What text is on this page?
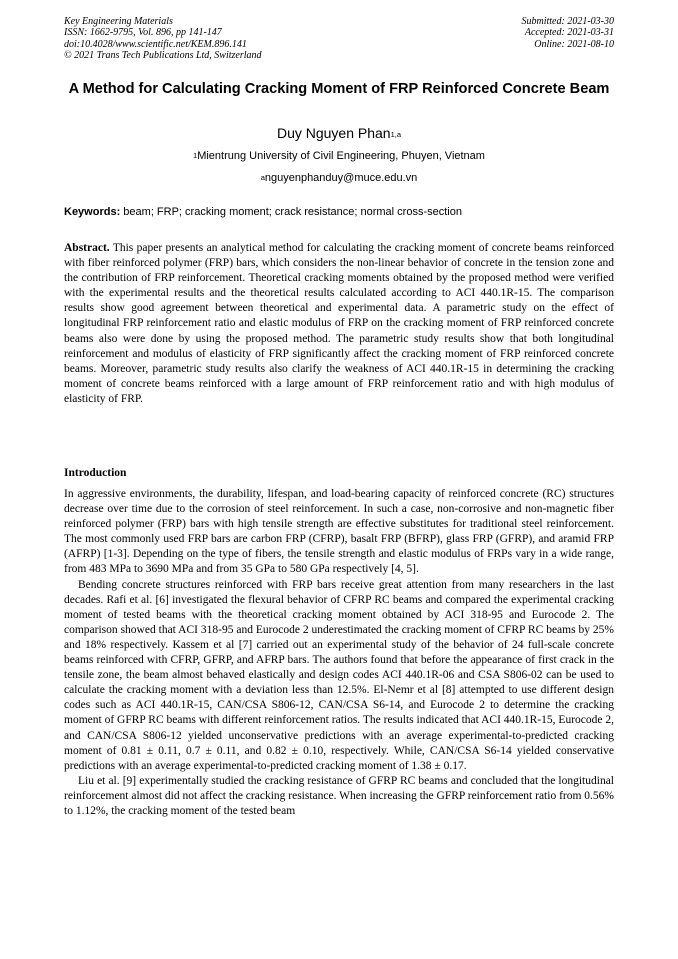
Key Engineering Materials
ISSN: 1662-9795, Vol. 896, pp 141-147
doi:10.4028/www.scientific.net/KEM.896.141
© 2021 Trans Tech Publications Ltd, Switzerland
Submitted: 2021-03-30
Accepted: 2021-03-31
Online: 2021-08-10
A Method for Calculating Cracking Moment of FRP Reinforced Concrete Beam
Duy Nguyen Phan$^{1,a}$
$^1$Mientrung University of Civil Engineering, Phuyen, Vietnam
$^a$nguyenphanduy@muce.edu.vn
Keywords: beam; FRP; cracking moment; crack resistance; normal cross-section
Abstract. This paper presents an analytical method for calculating the cracking moment of concrete beams reinforced with fiber reinforced polymer (FRP) bars, which considers the non-linear behavior of concrete in the tension zone and the contribution of FRP reinforcement. Theoretical cracking moments obtained by the proposed method were verified with the experimental results and the theoretical results calculated according to ACI 440.1R-15. The comparison results show good agreement between theoretical and experimental data. A parametric study on the effect of longitudinal FRP reinforcement ratio and elastic modulus of FRP on the cracking moment of FRP reinforced concrete beams also were done by using the proposed method. The parametric study results show that both longitudinal reinforcement and modulus of elasticity of FRP significantly affect the cracking moment of FRP reinforced concrete beams. Moreover, parametric study results also clarify the weakness of ACI 440.1R-15 in determining the cracking moment of concrete beams reinforced with a large amount of FRP reinforcement ratio and with high modulus of elasticity of FRP.
Introduction

In aggressive environments, the durability, lifespan, and load-bearing capacity of reinforced concrete (RC) structures decrease over time due to the corrosion of steel reinforcement. In such a case, non-corrosive and non-magnetic fiber reinforced polymer (FRP) bars with high tensile strength are effective substitutes for traditional steel reinforcement. The most commonly used FRP bars are carbon FRP (CFRP), basalt FRP (BFRP), glass FRP (GFRP), and aramid FRP (AFRP) [1-3]. Depending on the type of fibers, the tensile strength and elastic modulus of FRPs vary in a wide range, from 483 MPa to 3690 MPa and from 35 GPa to 580 GPa respectively [4, 5].

Bending concrete structures reinforced with FRP bars receive great attention from many researchers in the last decades. Rafi et al. [6] investigated the flexural behavior of CFRP RC beams and compared the experimental cracking moment of tested beams with the theoretical cracking moment obtained by ACI 318-95 and Eurocode 2. The comparison showed that ACI 318-95 and Eurocode 2 underestimated the cracking moment of CFRP RC beams by 25% and 18% respectively. Kassem et al [7] carried out an experimental study of the behavior of 24 full-scale concrete beams reinforced with CFRP, GFRP, and AFRP bars. The authors found that before the appearance of first crack in the tensile zone, the beam almost behaved elastically and design codes ACI 440.1R-06 and CSA S806-02 can be used to calculate the cracking moment with a deviation less than 12.5%. El-Nemr et al [8] attempted to use different design codes such as ACI 440.1R-15, CAN/CSA S806-12, CAN/CSA S6-14, and Eurocode 2 to determine the cracking moment of GFRP RC beams with different reinforcement ratios. The results indicated that ACI 440.1R-15, Eurocode 2, and CAN/CSA S806-12 yielded unconservative predictions with an average experimental-to-predicted cracking moment of 0.81 ± 0.11, 0.7 ± 0.11, and 0.82 ± 0.10, respectively. While, CAN/CSA S6-14 yielded conservative predictions with an average experimental-to-predicted cracking moment of 1.38 ± 0.17.

Liu et al. [9] experimentally studied the cracking resistance of GFRP RC beams and concluded that the longitudinal reinforcement almost did not affect the cracking resistance. When increasing the GFRP reinforcement ratio from 0.56% to 1.12%, the cracking moment of the tested beam
